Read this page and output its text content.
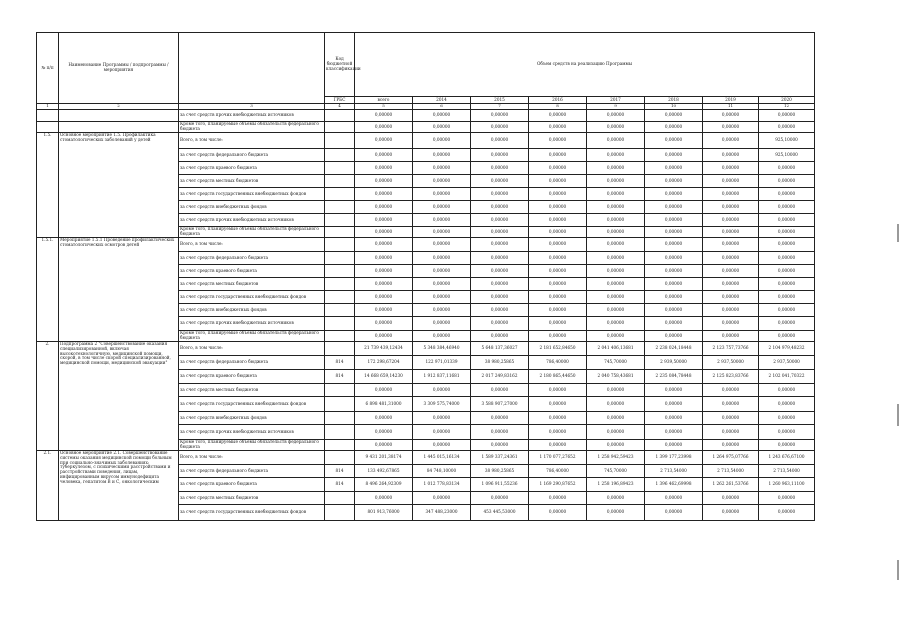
№ п/п	Наименование Программы / подпрограммы / мероприятия		Код бюджетной классификации	Объем средств на реализацию Программы							
			ГРБС	всего	2014	2015	2016	2017	2018	2019	2020
1	2	3	4	5	6	7	8	9	10	11	12
		за счет средств прочих внебюджетных источников		0,00000	0,00000	0,00000	0,00000	0,00000	0,00000	0,00000	0,00000
		Кроме того, планируемые объемы обязательств федерального бюджета		0,00000	0,00000	0,00000	0,00000	0,00000	0,00000	0,00000	0,00000
1.5.	Основное мероприятие 1.5. Профилактика стоматологических заболеваний у детей	Всего, в том числе:		0,00000	0,00000	0,00000	0,00000	0,00000	0,00000	0,00000	925,10000
		за счет средств федерального бюджета		0,00000	0,00000	0,00000	0,00000	0,00000	0,00000	0,00000	925,10000
		за счет средств краевого бюджета		0,00000	0,00000	0,00000	0,00000	0,00000	0,00000	0,00000	0,00000
		за счет средств местных бюджетов		0,00000	0,00000	0,00000	0,00000	0,00000	0,00000	0,00000	0,00000
		за счет средств государственных внебюджетных фондов		0,00000	0,00000	0,00000	0,00000	0,00000	0,00000	0,00000	0,00000
		за счет средств внебюджетных фондов		0,00000	0,00000	0,00000	0,00000	0,00000	0,00000	0,00000	0,00000
		за счет средств прочих внебюджетных источников		0,00000	0,00000	0,00000	0,00000	0,00000	0,00000	0,00000	0,00000
		Кроме того, планируемые объемы обязательств федерального бюджета		0,00000	0,00000	0,00000	0,00000	0,00000	0,00000	0,00000	0,00000
1.5.1.	Мероприятие 1.5.1 Проведение профилактических стоматологических осмотров детей	Всего, в том числе:		0,00000	0,00000	0,00000	0,00000	0,00000	0,00000	0,00000	0,00000
		за счет средств федерального бюджета		0,00000	0,00000	0,00000	0,00000	0,00000	0,00000	0,00000	0,00000
		за счет средств краевого бюджета		0,00000	0,00000	0,00000	0,00000	0,00000	0,00000	0,00000	0,00000
		за счет средств местных бюджетов		0,00000	0,00000	0,00000	0,00000	0,00000	0,00000	0,00000	0,00000
		за счет средств государственных внебюджетных фондов		0,00000	0,00000	0,00000	0,00000	0,00000	0,00000	0,00000	0,00000
		за счет средств внебюджетных фондов		0,00000	0,00000	0,00000	0,00000	0,00000	0,00000	0,00000	0,00000
		за счет средств прочих внебюджетных источников		0,00000	0,00000	0,00000	0,00000	0,00000	0,00000	0,00000	0,00000
		Кроме того, планируемые объемы обязательств федерального бюджета		0,00000	0,00000	0,00000	0,00000	0,00000	0,00000	0,00000	0,00000
2.	Подпрограмма 2 "Совершенствование оказания специализированной, включая высокотехнологичную, медицинской помощи, скорой, в том числе скорой специализированной, медицинской помощи, медицинской эвакуации"	Всего, в том числе:		21 739 439,12434	5 348 384,46940	5 648 137,36027	2 181 652,84650	2 041 406,13681	2 238 024,18448	2 123 757,73766	2 104 979,48232
		за счет средств федерального бюджета	814	172 298,67204	122 971,01339	38 980,25865	786,40000	745,70000	2 939,50000	2 937,50000	2 937,50000
		за счет средств краевого бюджета	814	14 668 659,14230	1 912 837,11681	2 017 249,83162	2 180 865,44650	2 040 758,43681	2 235 084,78448	2 125 823,83766	2 102 041,70322
		за счет средств местных бюджетов		0,00000	0,00000	0,00000	0,00000	0,00000	0,00000	0,00000	0,00000
		за счет средств государственных внебюджетных фондов		6 898 481,31000	3 309 575,74000	3 588 907,27000	0,00000	0,00000	0,00000	0,00000	0,00000
		за счет средств внебюджетных фондов		0,00000	0,00000	0,00000	0,00000	0,00000	0,00000	0,00000	0,00000
		за счет средств прочих внебюджетных источников		0,00000	0,00000	0,00000	0,00000	0,00000	0,00000	0,00000	0,00000
		Кроме того, планируемые объемы обязательств федерального бюджета		0,00000	0,00000	0,00000	0,00000	0,00000	0,00000	0,00000	0,00000
2.1.	Основное мероприятие 2.1. Совершенствование системы оказания медицинской помощи больным при социально-значимых заболеваниях: туберкулезом, с психическими расстройствами и расстройствами поведения, лицам, инфицированным вирусом иммунодефицита человека, гепатитом В и С, онкологическим	Всего, в том числе:		9 431 201,38174	1 445 015,16134	1 589 337,24361	1 170 077,27652	1 258 942,59423	1 399 177,23998	1 264 975,07766	1 243 676,67100
		за счет средств федерального бюджета	814	133 492,67865	84 748,10000	38 980,25865	786,40000	745,70000	2 713,54000	2 713,54000	2 713,54000
		за счет средств краевого бюджета	814	8 496 264,92309	1 012 778,83134	1 096 911,55236	1 169 290,87652	1 258 196,89423	1 396 462,69998	1 262 261,53766	1 260 963,11100
		за счет средств местных бюджетов		0,00000	0,00000	0,00000	0,00000	0,00000	0,00000	0,00000	0,00000
		за счет средств государственных внебюджетных фондов		801 913,76000	347 488,23000	453 445,53000	0,00000	0,00000	0,00000	0,00000	0,00000
